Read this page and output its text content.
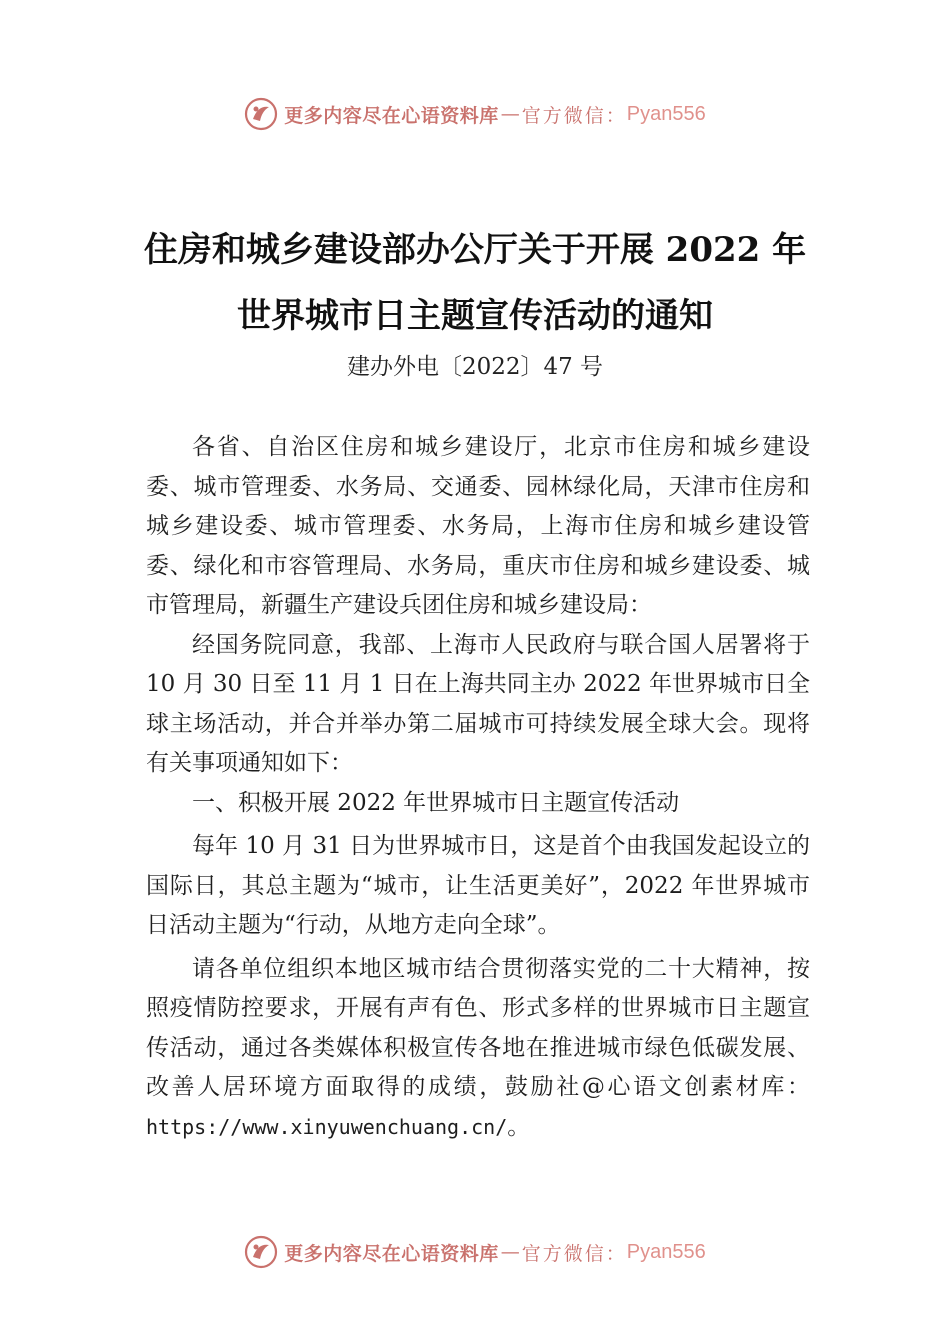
更多内容尽在心语资料库 — 官方微信： Pyan556
住房和城乡建设部办公厅关于开展 2022 年
世界城市日主题宣传活动的通知
建办外电〔2022〕47 号

各省、自治区住房和城乡建设厅，北京市住房和城乡建设委、城市管理委、水务局、交通委、园林绿化局，天津市住房和城乡建设委、城市管理委、水务局，上海市住房和城乡建设管委、绿化和市容管理局、水务局，重庆市住房和城乡建设委、城市管理局，新疆生产建设兵团住房和城乡建设局：

经国务院同意，我部、上海市人民政府与联合国人居署将于 10 月 30 日至 11 月 1 日在上海共同主办 2022 年世界城市日全球主场活动，并合并举办第二届城市可持续发展全球大会。现将有关事项通知如下：

一、积极开展 2022 年世界城市日主题宣传活动

每年 10 月 31 日为世界城市日，这是首个由我国发起设立的国际日，其总主题为“城市，让生活更美好”，2022 年世界城市日活动主题为“行动，从地方走向全球”。

请各单位组织本地区城市结合贯彻落实党的二十大精神，按照疫情防控要求，开展有声有色、形式多样的世界城市日主题宣传活动，通过各类媒体积极宣传各地在推进城市绿色低碳发展、改善人居环境方面取得的成绩，鼓励社@心语文创素材库：https://www.xinyuwenchuang.cn/。

更多内容尽在心语资料库 — 官方微信： Pyan556
